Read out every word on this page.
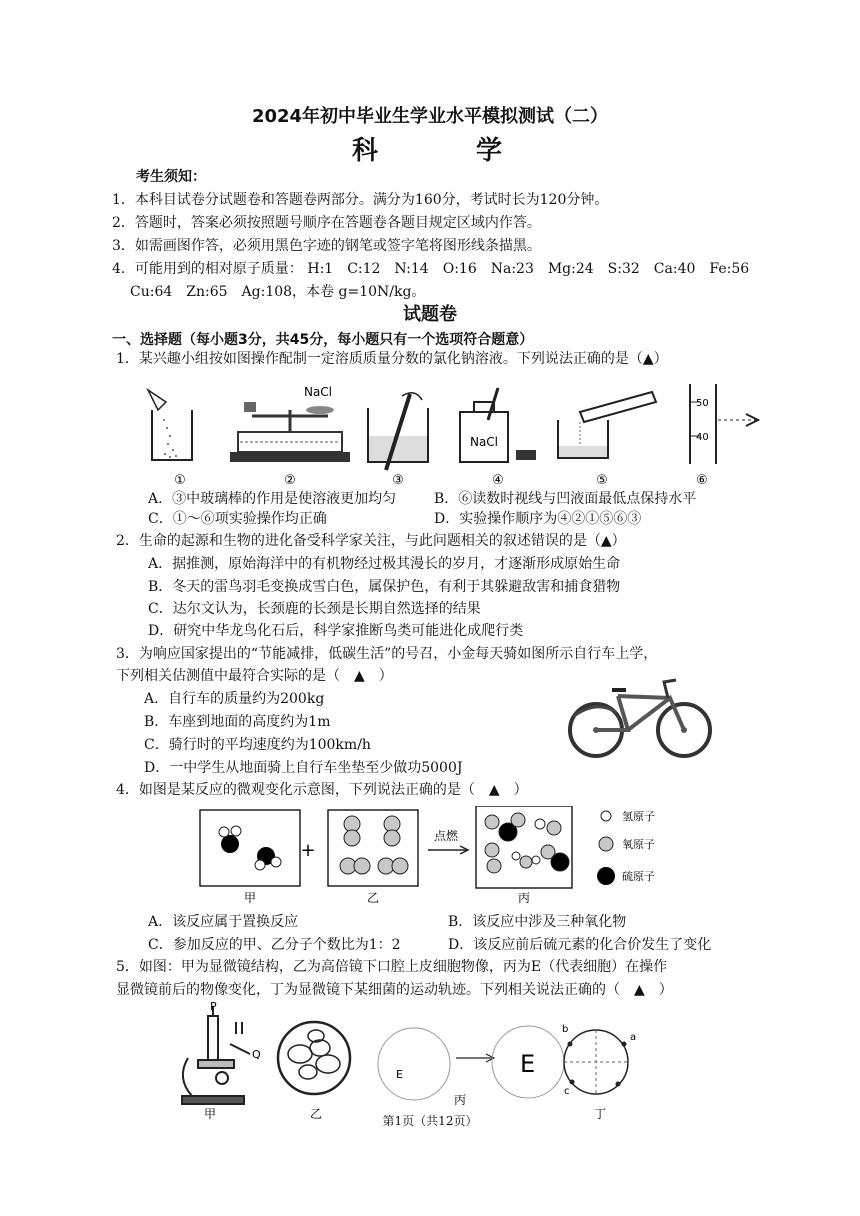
2024年初中毕业生学业水平模拟测试（二）
科　学
考生须知：
1．本科目试卷分试题卷和答题卷两部分。满分为160分，考试时长为120分钟。
2．答题时，答案必须按照题号顺序在答题卷各题目规定区域内作答。
3．如需画图作答，必须用黑色字迹的钢笔或签字笔将图形线条描黑。
4．可能用到的相对原子质量： H:1　C:12　N:14　O:16　Na:23　Mg:24　S:32　Ca:40　Fe:56
Cu:64　Zn:65　Ag:108，本卷 g=10N/kg。
试题卷
一、选择题（每小题3分，共45分，每小题只有一个选项符合题意）
1．某兴趣小组按如图操作配制一定溶质质量分数的氯化钠溶液。下列说法正确的是（▲）
①
NaCl
②	③
NaCl
④	⑤
50
40
⑥
A．③中玻璃棒的作用是使溶液更加均匀	B．⑥读数时视线与凹液面最低点保持水平
C．①～⑥项实验操作均正确	D．实验操作顺序为④②①⑤⑥③
2．生命的起源和生物的进化备受科学家关注，与此问题相关的叙述错误的是（▲）
A．据推测，原始海洋中的有机物经过极其漫长的岁月，才逐渐形成原始生命
B．冬天的雷鸟羽毛变换成雪白色，属保护色，有利于其躲避敌害和捕食猎物
C．达尔文认为，长颈鹿的长颈是长期自然选择的结果
D．研究中华龙鸟化石后，科学家推断鸟类可能进化成爬行类
3．为响应国家提出的“节能减排，低碳生活”的号召，小金每天骑如图所示自行车上学，
下列相关估测值中最符合实际的是（　▲　）
A．自行车的质量约为200kg
B．车座到地面的高度约为1m
C．骑行时的平均速度约为100km/h
D．一中学生从地面骑上自行车坐垫至少做功5000J
4．如图是某反应的微观变化示意图，下列说法正确的是（　▲　）
甲
+
乙
点燃
丙
氢原子
氧原子
硫原子
A．该反应属于置换反应	B．该反应中涉及三种氧化物
C．参加反应的甲、乙分子个数比为1：2	D．该反应前后硫元素的化合价发生了变化
5．如图：甲为显微镜结构，乙为高倍镜下口腔上皮细胞物像，丙为E（代表细胞）在操作
显微镜前后的物像变化，丁为显微镜下某细菌的运动轨迹。下列相关说法正确的（　▲　）
P
Q
甲	乙
E	E
丙
a
b
c
丁
第1页（共12页）
